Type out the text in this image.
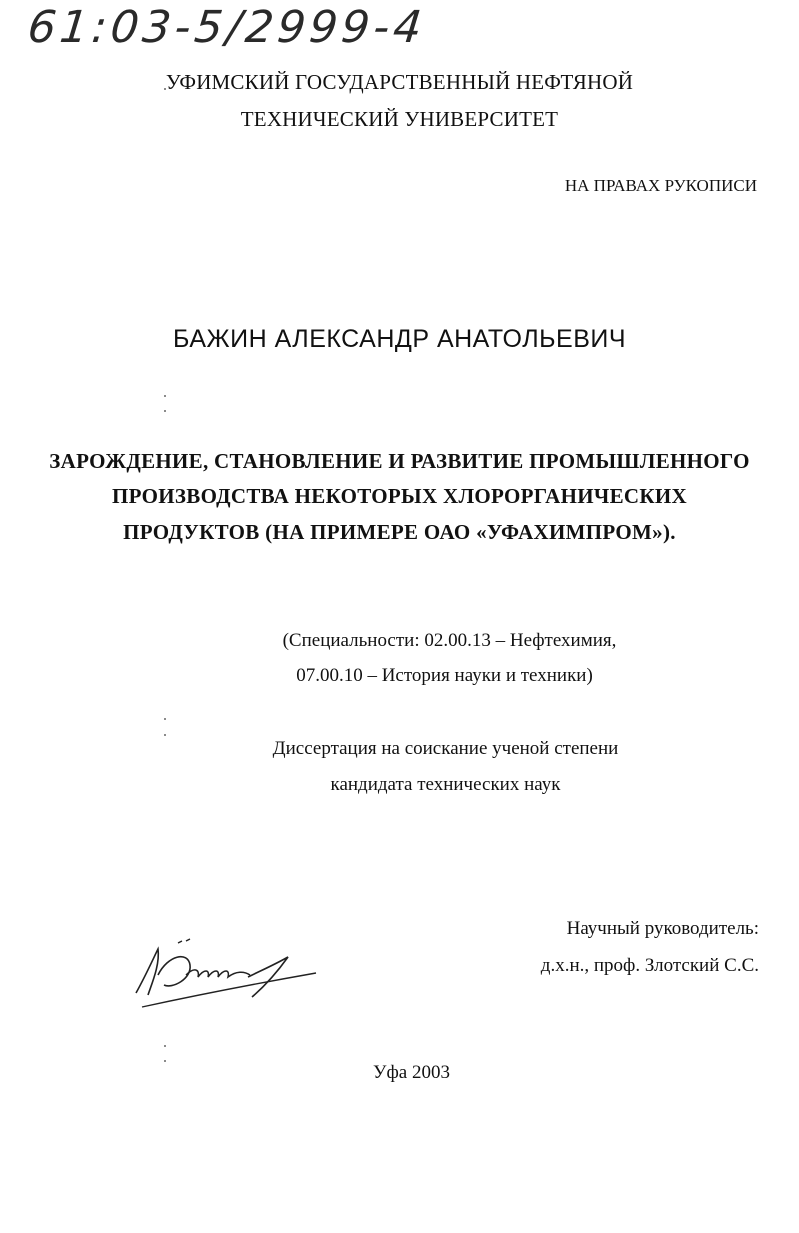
61:03-5/2999-4
УФИМСКИЙ ГОСУДАРСТВЕННЫЙ НЕФТЯНОЙ
ТЕХНИЧЕСКИЙ УНИВЕРСИТЕТ
НА ПРАВАХ РУКОПИСИ
БАЖИН АЛЕКСАНДР АНАТОЛЬЕВИЧ
ЗАРОЖДЕНИЕ, СТАНОВЛЕНИЕ И РАЗВИТИЕ ПРОМЫШЛЕННОГО
ПРОИЗВОДСТВА НЕКОТОРЫХ ХЛОРОРГАНИЧЕСКИХ
ПРОДУКТОВ (НА ПРИМЕРЕ ОАО «УФАХИМПРОМ»).
(Специальности: 02.00.13 – Нефтехимия,
07.00.10 – История науки и техники)
Диссертация на соискание ученой степени
кандидата технических наук
Научный руководитель:
д.х.н., проф. Злотский С.С.
Уфа 2003
